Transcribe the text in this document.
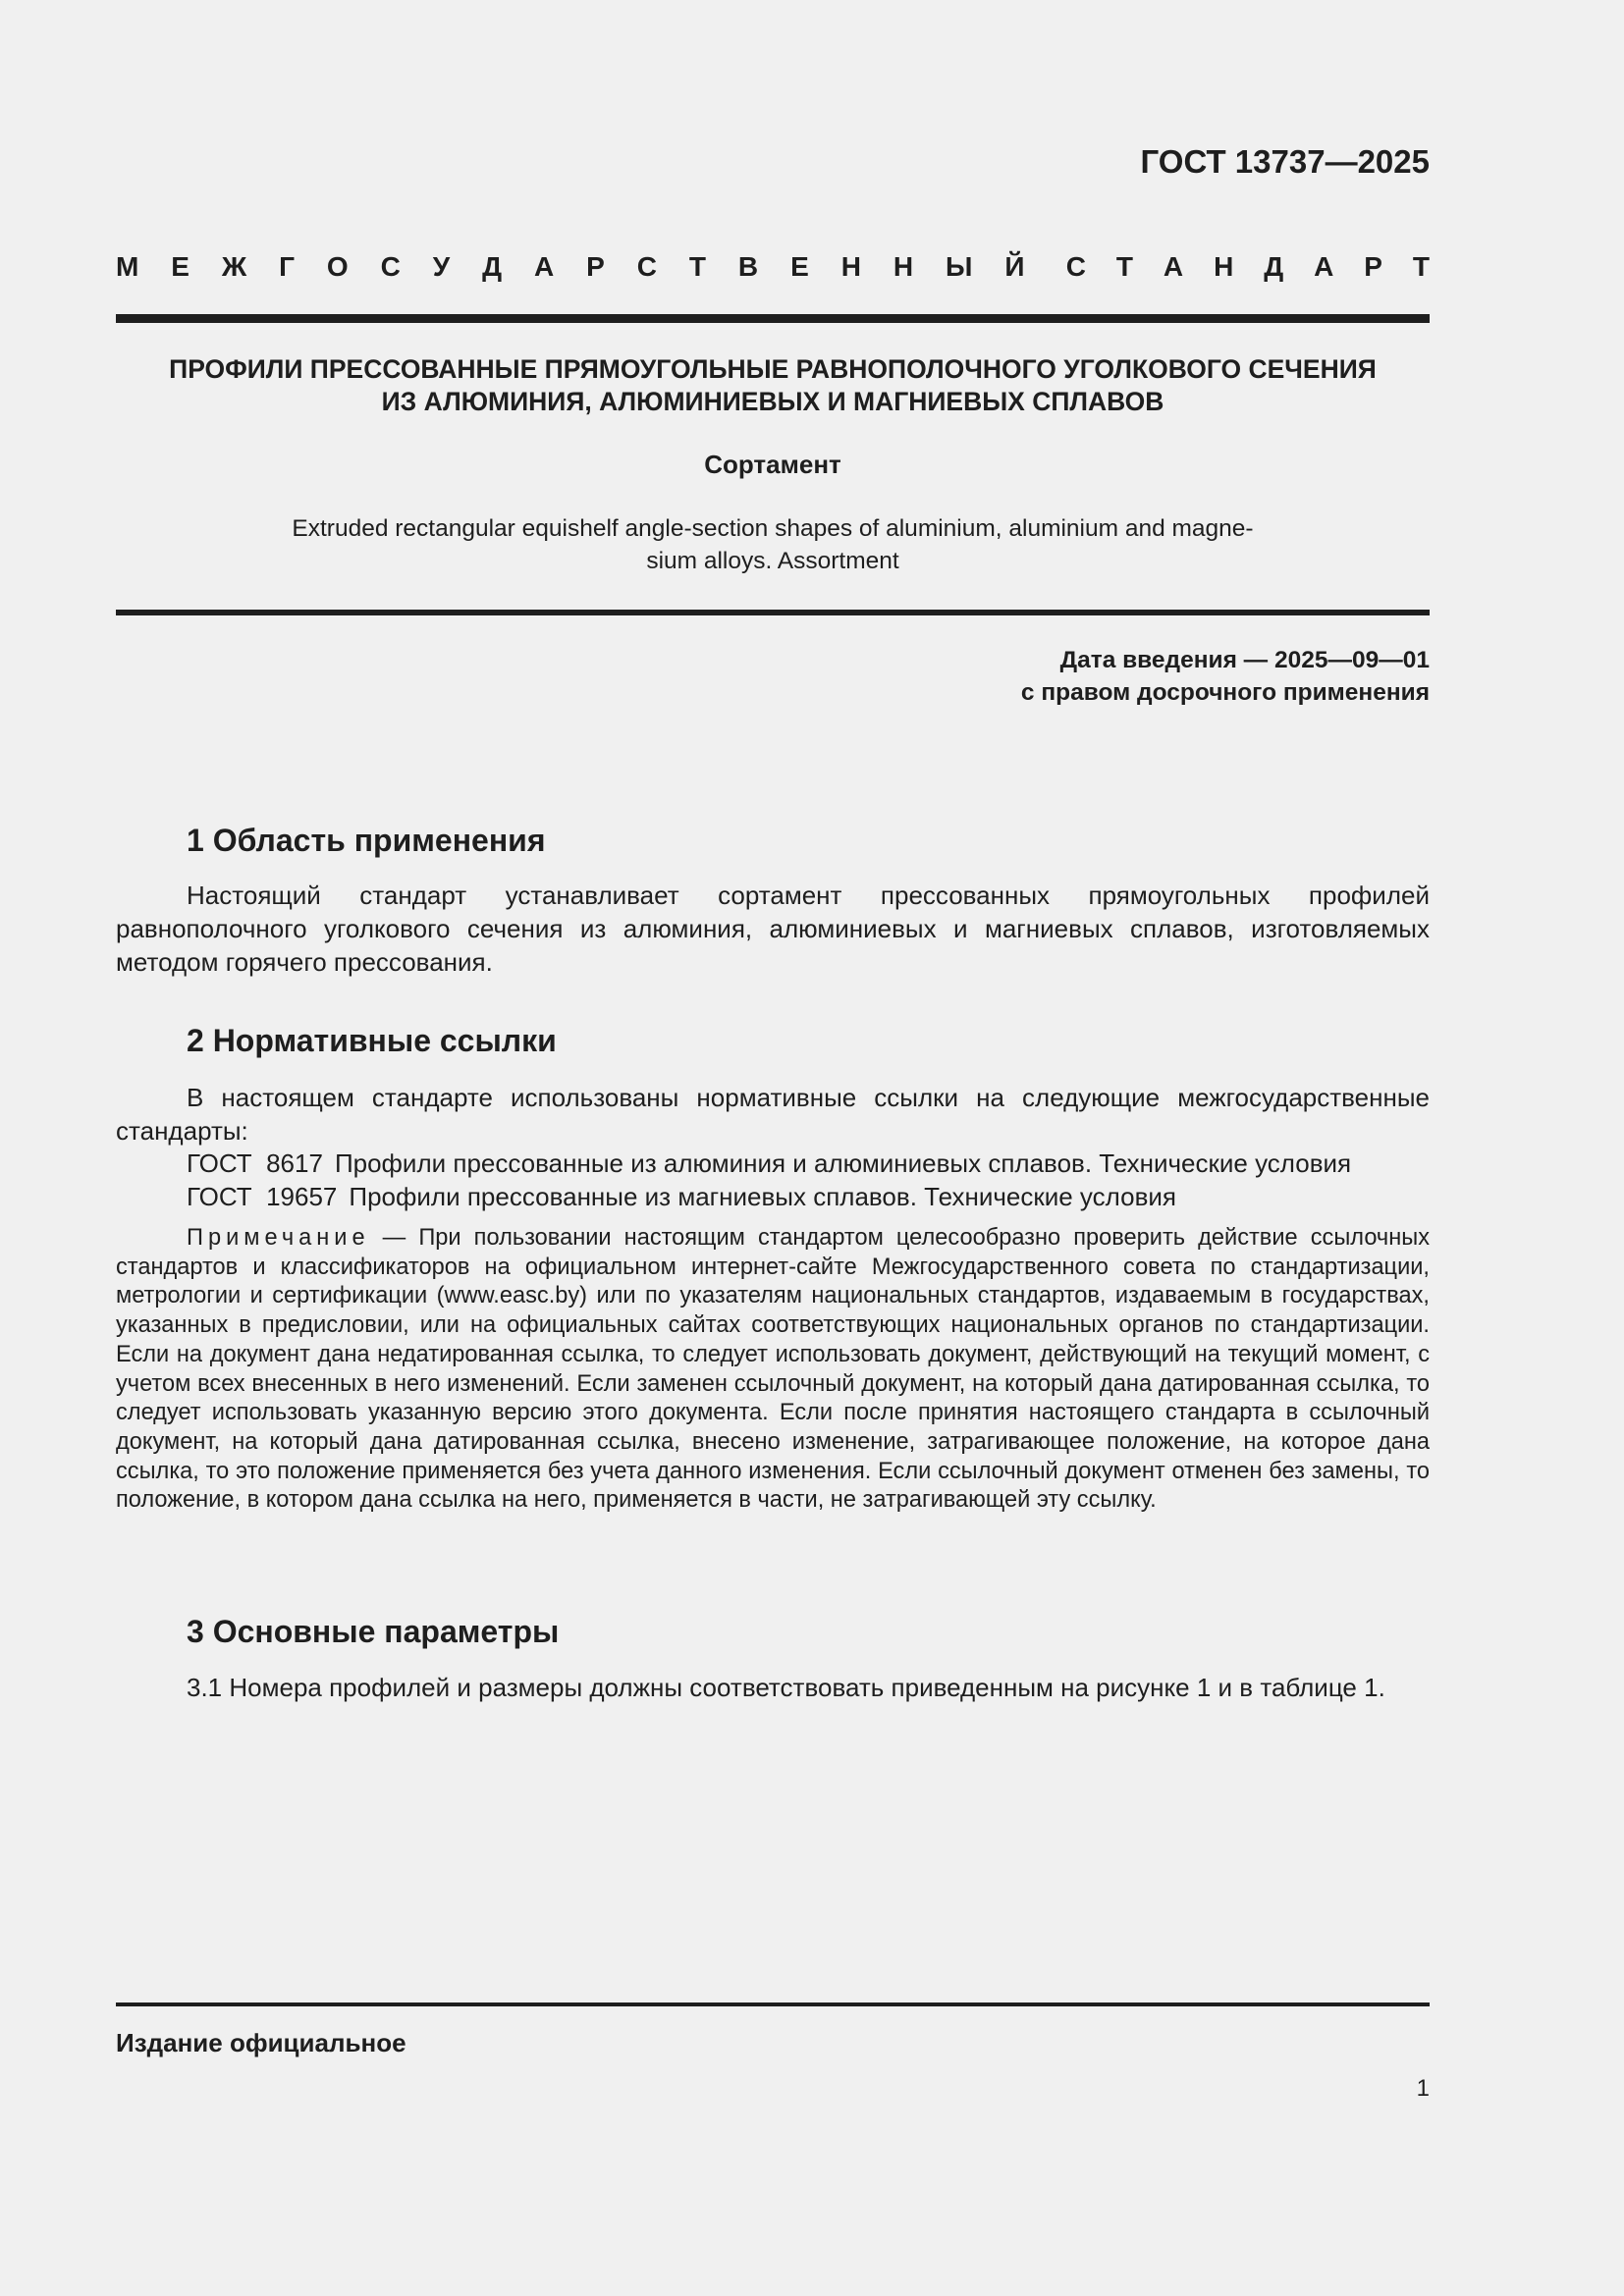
ГОСТ 13737—2025
М Е Ж Г О С У Д А Р С Т В Е Н Н Ы Й С Т А Н Д А Р Т
ПРОФИЛИ ПРЕССОВАННЫЕ ПРЯМОУГОЛЬНЫЕ РАВНОПОЛОЧНОГО УГОЛКОВОГО СЕЧЕНИЯ
ИЗ АЛЮМИНИЯ, АЛЮМИНИЕВЫХ И МАГНИЕВЫХ СПЛАВОВ
Сортамент
Extruded rectangular equishelf angle-section shapes of aluminium, aluminium and magne-
sium alloys. Assortment
Дата введения — 2025—09—01
с правом досрочного применения
1 Область применения
Настоящий стандарт устанавливает сортамент прессованных прямоугольных профилей равнополочного уголкового сечения из алюминия, алюминиевых и магниевых сплавов, изготовляемых методом горячего прессования.
2 Нормативные ссылки
В настоящем стандарте использованы нормативные ссылки на следующие межгосударственные стандарты:
ГОСТ  8617 Профили прессованные из алюминия и алюминиевых сплавов. Технические условия
ГОСТ  19657 Профили прессованные из магниевых сплавов. Технические условия
Примечание — При пользовании настоящим стандартом целесообразно проверить действие ссылочных стандартов и классификаторов на официальном интернет-сайте Межгосударственного совета по стандартизации, метрологии и сертификации (www.easc.by) или по указателям национальных стандартов, издаваемым в государствах, указанных в предисловии, или на официальных сайтах соответствующих национальных органов по стандартизации. Если на документ дана недатированная ссылка, то следует использовать документ, действующий на текущий момент, с учетом всех внесенных в него изменений. Если заменен ссылочный документ, на который дана датированная ссылка, то следует использовать указанную версию этого документа. Если после принятия настоящего стандарта в ссылочный документ, на который дана датированная ссылка, внесено изменение, затрагивающее положение, на которое дана ссылка, то это положение применяется без учета данного изменения. Если ссылочный документ отменен без замены, то положение, в котором дана ссылка на него, применяется в части, не затрагивающей эту ссылку.
3 Основные параметры
3.1 Номера профилей и размеры должны соответствовать приведенным на рисунке 1 и в таблице 1.
Издание официальное
1
